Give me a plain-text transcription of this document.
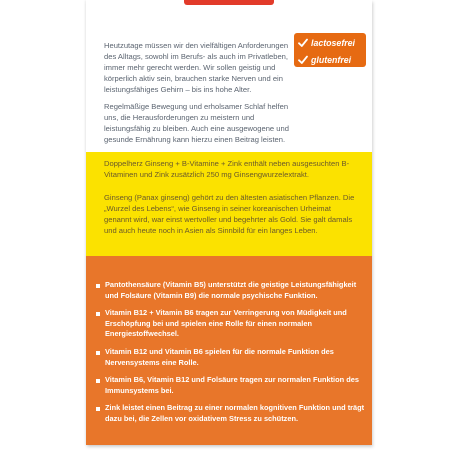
Heutzutage müssen wir den vielfältigen Anforderungen des Alltags, sowohl im Berufs- als auch im Privatleben, immer mehr gerecht werden. Wir sollen geistig und körperlich aktiv sein, brauchen starke Nerven und ein leistungsfähiges Gehirn – bis ins hohe Alter.

Regelmäßige Bewegung und erholsamer Schlaf helfen uns, die Herausforderungen zu meistern und leistungsfähig zu bleiben. Auch eine ausgewogene und gesunde Ernährung kann hierzu einen Beitrag leisten.

lactosefrei
glutenfrei

Doppelherz Ginseng + B-Vitamine + Zink enthält neben ausgesuchten B-Vitaminen und Zink zusätzlich 250 mg Ginsengwurzelextrakt.

Ginseng (Panax ginseng) gehört zu den ältesten asiatischen Pflanzen. Die „Wurzel des Lebens“, wie Ginseng in seiner koreanischen Urheimat genannt wird, war einst wertvoller und begehrter als Gold. Sie galt damals und auch heute noch in Asien als Sinnbild für ein langes Leben.

Pantothensäure (Vitamin B5) unterstützt die geistige Leistungsfähigkeit und Folsäure (Vitamin B9) die normale psychische Funktion.
Vitamin B12 + Vitamin B6 tragen zur Verringerung von Müdigkeit und Erschöpfung bei und spielen eine Rolle für einen normalen Energiestoffwechsel.
Vitamin B12 und Vitamin B6 spielen für die normale Funktion des Nervensystems eine Rolle.
Vitamin B6, Vitamin B12 und Folsäure tragen zur normalen Funktion des Immunsystems bei.
Zink leistet einen Beitrag zu einer normalen kognitiven Funktion und trägt dazu bei, die Zellen vor oxidativem Stress zu schützen.
